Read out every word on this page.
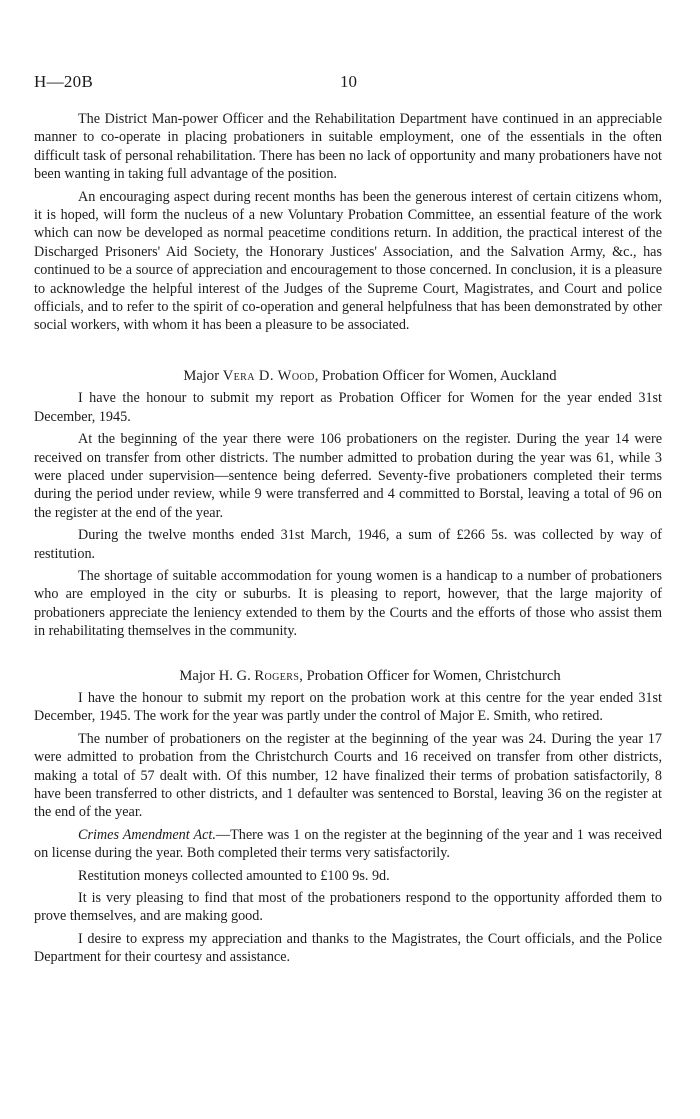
H—20B	10

The District Man-power Officer and the Rehabilitation Department have continued in an appreciable manner to co-operate in placing probationers in suitable employment, one of the essentials in the often difficult task of personal rehabilitation. There has been no lack of opportunity and many probationers have not been wanting in taking full advantage of the position.

An encouraging aspect during recent months has been the generous interest of certain citizens whom, it is hoped, will form the nucleus of a new Voluntary Probation Committee, an essential feature of the work which can now be developed as normal peacetime conditions return. In addition, the practical interest of the Discharged Prisoners' Aid Society, the Honorary Justices' Association, and the Salvation Army, &c., has continued to be a source of appreciation and encouragement to those concerned. In conclusion, it is a pleasure to acknowledge the helpful interest of the Judges of the Supreme Court, Magistrates, and Court and police officials, and to refer to the spirit of co-operation and general helpfulness that has been demonstrated by other social workers, with whom it has been a pleasure to be associated.

Major Vera D. Wood, Probation Officer for Women, Auckland

I have the honour to submit my report as Probation Officer for Women for the year ended 31st December, 1945.

At the beginning of the year there were 106 probationers on the register. During the year 14 were received on transfer from other districts. The number admitted to probation during the year was 61, while 3 were placed under supervision—sentence being deferred. Seventy-five probationers completed their terms during the period under review, while 9 were transferred and 4 committed to Borstal, leaving a total of 96 on the register at the end of the year.

During the twelve months ended 31st March, 1946, a sum of £266 5s. was collected by way of restitution.

The shortage of suitable accommodation for young women is a handicap to a number of probationers who are employed in the city or suburbs. It is pleasing to report, however, that the large majority of probationers appreciate the leniency extended to them by the Courts and the efforts of those who assist them in rehabilitating themselves in the community.

Major H. G. Rogers, Probation Officer for Women, Christchurch

I have the honour to submit my report on the probation work at this centre for the year ended 31st December, 1945. The work for the year was partly under the control of Major E. Smith, who retired.

The number of probationers on the register at the beginning of the year was 24. During the year 17 were admitted to probation from the Christchurch Courts and 16 received on transfer from other districts, making a total of 57 dealt with. Of this number, 12 have finalized their terms of probation satisfactorily, 8 have been transferred to other districts, and 1 defaulter was sentenced to Borstal, leaving 36 on the register at the end of the year.

Crimes Amendment Act.—There was 1 on the register at the beginning of the year and 1 was received on license during the year. Both completed their terms very satisfactorily.

Restitution moneys collected amounted to £100 9s. 9d.

It is very pleasing to find that most of the probationers respond to the opportunity afforded them to prove themselves, and are making good.

I desire to express my appreciation and thanks to the Magistrates, the Court officials, and the Police Department for their courtesy and assistance.
